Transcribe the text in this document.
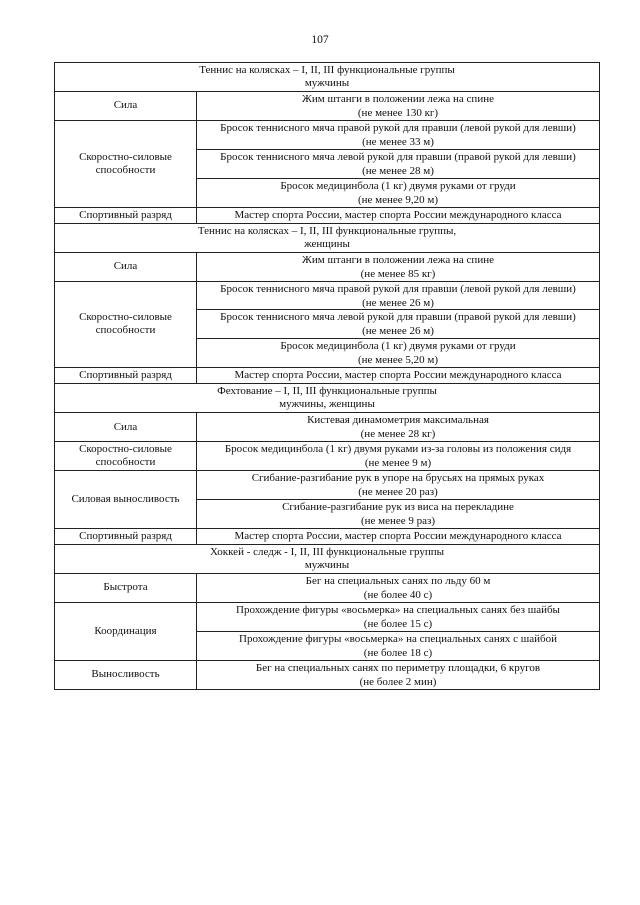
107
Теннис на колясках – I, II, III функциональные группы
мужчины	

Сила	Жим штанги в положении лежа на спине
(не менее 130 кг)

Скоростно-силовые способности	Бросок теннисного мяча правой рукой для правши (левой рукой для левши)
(не менее 33 м)

	Бросок теннисного мяча левой рукой для правши (правой рукой для левши)
(не менее 28 м)

	Бросок медицинбола (1 кг) двумя руками от груди
(не менее 9,20 м)

Спортивный разряд	Мастер спорта России, мастер спорта России международного класса

Теннис на колясках – I, II, III функциональные группы,
женщины	

Сила	Жим штанги в положении лежа на спине
(не менее 85 кг)

Скоростно-силовые способности	Бросок теннисного мяча правой рукой для правши (левой рукой для левши)
(не менее 26 м)

	Бросок теннисного мяча левой рукой для правши (правой рукой для левши)
(не менее 26 м)

	Бросок медицинбола (1 кг) двумя руками от груди
(не менее 5,20 м)

Спортивный разряд	Мастер спорта России, мастер спорта России международного класса

Фехтование – I, II, III функциональные группы
мужчины, женщины	

Сила	Кистевая динамометрия максимальная
(не менее 28 кг)

Скоростно-силовые способности	Бросок медицинбола (1 кг) двумя руками из-за головы из положения сидя
(не менее 9 м)

Силовая выносливость	Сгибание-разгибание рук в упоре на брусьях на прямых руках
(не менее 20 раз)

	Сгибание-разгибание рук из виса на перекладине
(не менее 9 раз)

Спортивный разряд	Мастер спорта России, мастер спорта России международного класса

Хоккей - следж - I, II, III функциональные группы
мужчины	

Быстрота	Бег на специальных санях по льду 60 м
(не более 40 с)

Координация	Прохождение фигуры «восьмерка» на специальных санях без шайбы
(не более 15 с)

	Прохождение фигуры «восьмерка» на специальных санях с шайбой
(не более 18 с)

Выносливость	Бег на специальных санях по периметру площадки, 6 кругов
(не более 2 мин)
